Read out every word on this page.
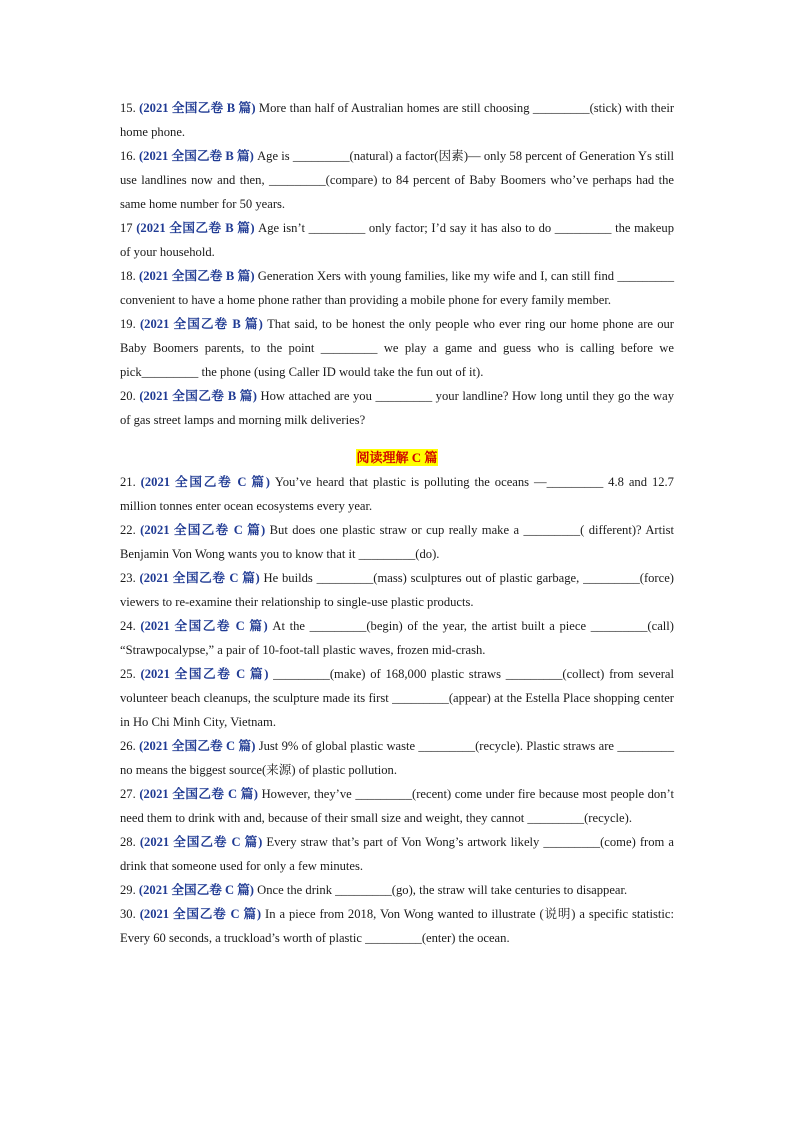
15. (2021 全国乙卷 B 篇) More than half of Australian homes are still choosing _________(stick) with their home phone.
16. (2021 全国乙卷 B 篇) Age is _________(natural) a factor(因素)— only 58 percent of Generation Ys still use landlines now and then, _________(compare) to 84 percent of Baby Boomers who’ve perhaps had the same home number for 50 years.
17 (2021 全国乙卷 B 篇) Age isn’t _________ only factor; I’d say it has also to do _________ the makeup of your household.
18. (2021 全国乙卷 B 篇) Generation Xers with young families, like my wife and I, can still find _________ convenient to have a home phone rather than providing a mobile phone for every family member.
19. (2021 全国乙卷 B 篇) That said, to be honest the only people who ever ring our home phone are our Baby Boomers parents, to the point _________ we play a game and guess who is calling before we pick_________ the phone (using Caller ID would take the fun out of it).
20. (2021 全国乙卷 B 篇) How attached are you _________ your landline? How long until they go the way of gas street lamps and morning milk deliveries?
阅读理解 C 篇
21. (2021 全国乙卷 C 篇) You’ve heard that plastic is polluting the oceans —_________ 4.8 and 12.7 million tonnes enter ocean ecosystems every year.
22. (2021 全国乙卷 C 篇) But does one plastic straw or cup really make a _________( different)? Artist Benjamin Von Wong wants you to know that it _________(do).
23. (2021 全国乙卷 C 篇) He builds _________(mass) sculptures out of plastic garbage, _________(force) viewers to re-examine their relationship to single-use plastic products.
24. (2021 全国乙卷 C 篇) At the _________(begin) of the year, the artist built a piece _________(call) “Strawpocalypse,” a pair of 10-foot-tall plastic waves, frozen mid-crash.
25. (2021 全国乙卷 C 篇) _________(make) of 168,000 plastic straws _________(collect) from several volunteer beach cleanups, the sculpture made its first _________(appear) at the Estella Place shopping center in Ho Chi Minh City, Vietnam.
26. (2021 全国乙卷 C 篇) Just 9% of global plastic waste _________(recycle). Plastic straws are _________ no means the biggest source(来源) of plastic pollution.
27. (2021 全国乙卷 C 篇) However, they’ve _________(recent) come under fire because most people don’t need them to drink with and, because of their small size and weight, they cannot _________(recycle).
28. (2021 全国乙卷 C 篇) Every straw that’s part of Von Wong’s artwork likely _________(come) from a drink that someone used for only a few minutes.
29. (2021 全国乙卷 C 篇) Once the drink _________(go), the straw will take centuries to disappear.
30. (2021 全国乙卷 C 篇) In a piece from 2018, Von Wong wanted to illustrate (说明) a specific statistic: Every 60 seconds, a truckload’s worth of plastic _________(enter) the ocean.
